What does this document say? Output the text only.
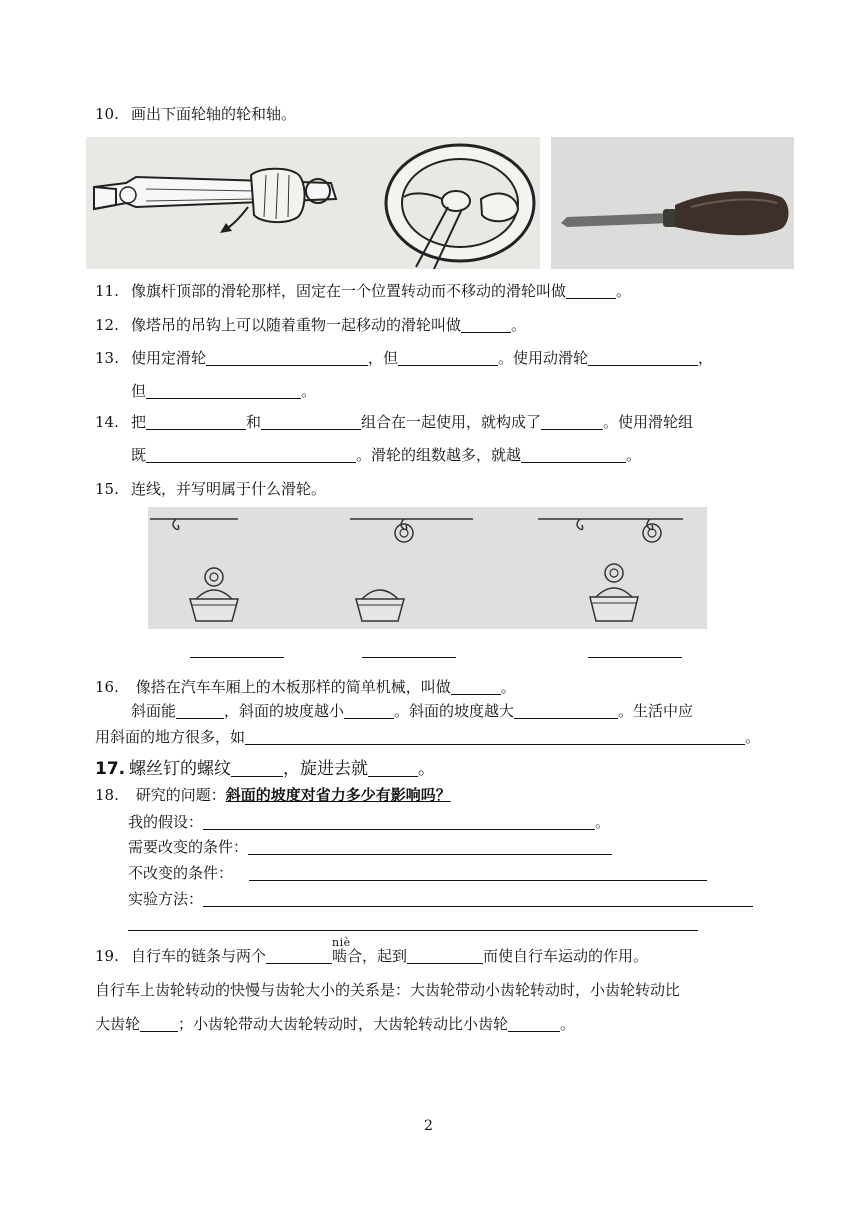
10. 画出下面轮轴的轮和轴。
11. 像旗杆顶部的滑轮那样，固定在一个位置转动而不移动的滑轮叫做	。
12. 像塔吊的吊钩上可以随着重物一起移动的滑轮叫做	。
13. 使用定滑轮	，但	。使用动滑轮	，
但	。
14. 把	和	组合在一起使用，就构成了	。使用滑轮组
既	。滑轮的组数越多，就越	。
15. 连线，并写明属于什么滑轮。
16. 像搭在汽车车厢上的木板那样的简单机械，叫做	。
斜面能	，斜面的坡度越小	。斜面的坡度越大	。生活中应
用斜面的地方很多，如	。
17. 螺丝钉的螺纹	，旋进去就	。
18. 研究的问题：斜面的坡度对省力多少有影响吗？
我的假设：	。
需要改变的条件：
不改变的条件：
实验方法：
19. 自行车的链条与两个
niè
啮合，起到	而使自行车运动的作用。
自行车上齿轮转动的快慢与齿轮大小的关系是：大齿轮带动小齿轮转动时，小齿轮转动比
大齿轮	；小齿轮带动大齿轮转动时，大齿轮转动比小齿轮	。
2
